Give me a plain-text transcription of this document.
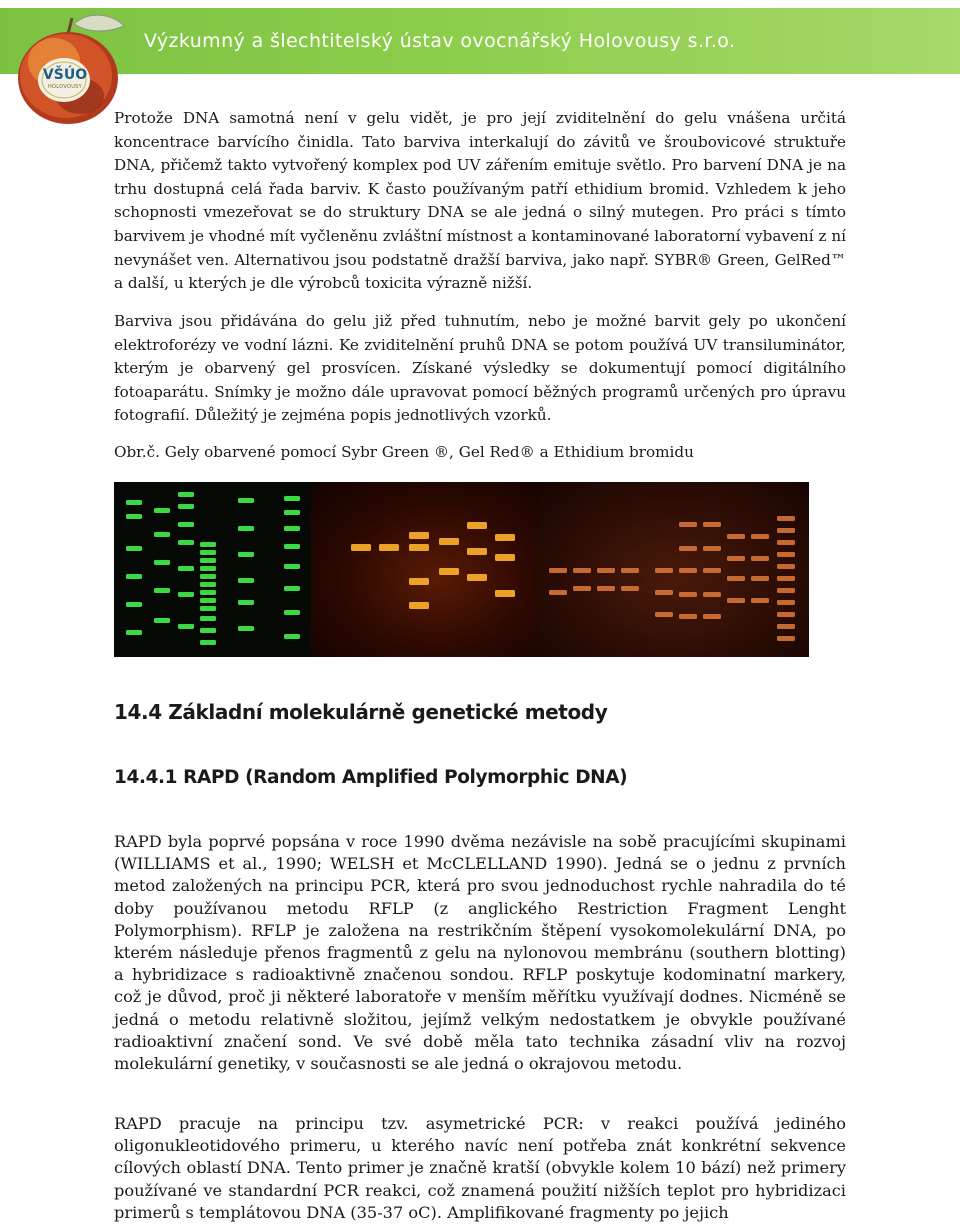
Výzkumný a šlechtitelský ústav ovocnářský Holovousy s.r.o.
VŠÚO
HOLOVOUSY

Protože DNA samotná není v gelu vidět, je pro její zviditelnění do gelu vnášena určitá koncentrace barvícího činidla. Tato barviva interkalují do závitů ve šroubovicové struktuře DNA, přičemž takto vytvořený komplex pod UV zářením emituje světlo. Pro barvení DNA je na trhu dostupná celá řada barviv. K často používaným patří ethidium bromid. Vzhledem k jeho schopnosti vmezeřovat se do struktury DNA se ale jedná o silný mutegen. Pro práci s tímto barvivem je vhodné mít vyčleněnu zvláštní místnost a kontaminované laboratorní vybavení z ní nevynášet ven. Alternativou jsou podstatně dražší barviva, jako např. SYBR® Green, GelRed™ a další, u kterých je dle výrobců toxicita výrazně nižší.

Barviva jsou přidávána do gelu již před tuhnutím, nebo je možné barvit gely po ukončení elektroforézy ve vodní lázni. Ke zviditelnění pruhů DNA se potom používá UV transiluminátor, kterým je obarvený gel prosvícen. Získané výsledky se dokumentují pomocí digitálního fotoaparátu. Snímky je možno dále upravovat pomocí běžných programů určených pro úpravu fotografií. Důležitý je zejména popis jednotlivých vzorků.

Obr.č. Gely obarvené pomocí Sybr Green ®, Gel Red® a Ethidium bromidu

14.4 Základní molekulárně genetické metody
14.4.1 RAPD (Random Amplified Polymorphic DNA)

RAPD byla poprvé popsána v roce 1990 dvěma nezávisle na sobě pracujícími skupinami (WILLIAMS et al., 1990; WELSH et McCLELLAND 1990). Jedná se o jednu z prvních metod založených na principu PCR, která pro svou jednoduchost rychle nahradila do té doby používanou metodu RFLP (z anglického Restriction Fragment Lenght Polymorphism). RFLP je založena na restrikčním štěpení vysokomolekulární DNA, po kterém následuje přenos fragmentů z gelu na nylonovou membránu (southern blotting) a hybridizace s radioaktivně značenou sondou. RFLP poskytuje kodominatní markery, což je důvod, proč ji některé laboratoře v menším měřítku využívají dodnes. Nicméně se jedná o metodu relativně složitou, jejímž velkým nedostatkem je obvykle používané radioaktivní značení sond. Ve své době měla tato technika zásadní vliv na rozvoj molekulární genetiky, v současnosti se ale jedná o okrajovou metodu.

RAPD pracuje na principu tzv. asymetrické PCR: v reakci používá jediného oligonukleotidového primeru, u kterého navíc není potřeba znát konkrétní sekvence cílových oblastí DNA. Tento primer je značně kratší (obvykle kolem 10 bází) než primery používané ve standardní PCR reakci, což znamená použití nižších teplot pro hybridizaci primerů s templátovou DNA (35-37 oC). Amplifikované fragmenty po jejich
